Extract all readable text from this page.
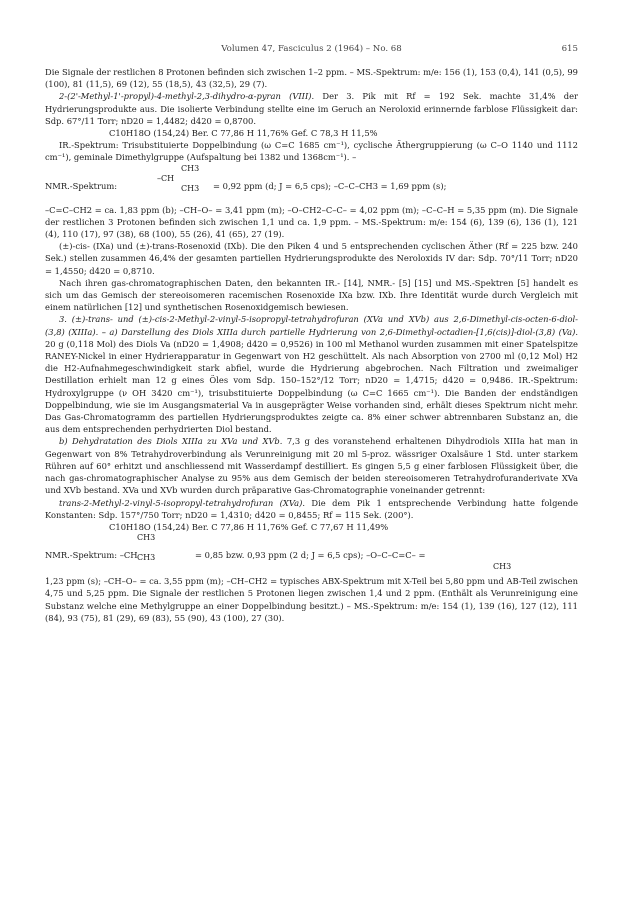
Volumen 47, Fasciculus 2 (1964) – No. 68	615

Die Signale der restlichen 8 Protonen befinden sich zwischen 1–2 ppm. – MS.-Spektrum: m/e: 156 (1), 153 (0,4), 141 (0,5), 99 (100), 81 (11,5), 69 (12), 55 (18,5), 43 (32,5), 29 (7).

2-(2'-Methyl-1'-propyl)-4-methyl-2,3-dihydro-α-pyran (VIII). Der 3. Pik mit Rf = 192 Sek. machte 31,4% der Hydrierungsprodukte aus. Die isolierte Verbindung stellte eine im Geruch an Neroloxid erinnernde farblose Flüssigkeit dar: Sdp. 67°/11 Torr; nD20 = 1,4482; d420 = 0,8700.

C10H18O (154,24) Ber. C 77,86 H 11,76% Gef. C 78,3 H 11,5%

IR.-Spektrum: Trisubstituierte Doppelbindung (ω C=C 1685 cm⁻¹), cyclische Äthergruppierung (ω C–O 1140 und 1112 cm⁻¹), geminale Dimethylgruppe (Aufspaltung bei 1382 und 1368cm⁻¹). –

NMR.-Spektrum:
CH3
–CH
CH3 = 0,92 ppm (d; J = 6,5 cps); –C–C–CH3 = 1,69 ppm (s);

–C=C–CH2 = ca. 1,83 ppm (b); –CH–O– = 3,41 ppm (m); –O–CH2–C–C– = 4,02 ppm (m); –C–C–H = 5,35 ppm (m). Die Signale der restlichen 3 Protonen befinden sich zwischen 1,1 und ca. 1,9 ppm. – MS.-Spektrum: m/e: 154 (6), 139 (6), 136 (1), 121 (4), 110 (17), 97 (38), 68 (100), 55 (26), 41 (65), 27 (19).

(±)-cis- (IXa) und (±)-trans-Rosenoxid (IXb). Die den Piken 4 und 5 entsprechenden cyclischen Äther (Rf = 225 bzw. 240 Sek.) stellen zusammen 46,4% der gesamten partiellen Hydrierungsprodukte des Neroloxids IV dar: Sdp. 70°/11 Torr; nD20 = 1,4550; d420 = 0,8710.

Nach ihren gas-chromatographischen Daten, den bekannten IR.- [14], NMR.- [5] [15] und MS.-Spektren [5] handelt es sich um das Gemisch der stereoisomeren racemischen Rosenoxide IXa bzw. IXb. Ihre Identität wurde durch Vergleich mit einem natürlichen [12] und synthetischen Rosenoxidgemisch bewiesen.

3. (±)-trans- und (±)-cis-2-Methyl-2-vinyl-5-isopropyl-tetrahydrofuran (XVa und XVb) aus 2,6-Dimethyl-cis-octen-6-diol-(3,8) (XIIIa). – a) Darstellung des Diols XIIIa durch partielle Hydrierung von 2,6-Dimethyl-octadien-[1,6(cis)]-diol-(3,8) (Va). 20 g (0,118 Mol) des Diols Va (nD20 = 1,4908; d420 = 0,9526) in 100 ml Methanol wurden zusammen mit einer Spatelspitze RANEY-Nickel in einer Hydrierapparatur in Gegenwart von H2 geschüttelt. Als nach Absorption von 2700 ml (0,12 Mol) H2 die H2-Aufnahmegeschwindigkeit stark abfiel, wurde die Hydrierung abgebrochen. Nach Filtration und zweimaliger Destillation erhielt man 12 g eines Öles vom Sdp. 150–152°/12 Torr; nD20 = 1,4715; d420 = 0,9486. IR.-Spektrum: Hydroxylgruppe (ν OH 3420 cm⁻¹), trisubstituierte Doppelbindung (ω C=C 1665 cm⁻¹). Die Banden der endständigen Doppelbindung, wie sie im Ausgangsmaterial Va in ausgeprägter Weise vorhanden sind, erhält dieses Spektrum nicht mehr. Das Gas-Chromatogramm des partiellen Hydrierungsproduktes zeigte ca. 8% einer schwer abtrennbaren Substanz an, die aus dem entsprechenden perhydrierten Diol bestand.

b) Dehydratation des Diols XIIIa zu XVa und XVb. 7,3 g des voranstehend erhaltenen Dihydrodiols XIIIa hat man in Gegenwart von 8% Tetrahydroverbindung als Verunreinigung mit 20 ml 5-proz. wässriger Oxalsäure 1 Std. unter starkem Rühren auf 60° erhitzt und anschliessend mit Wasserdampf destilliert. Es gingen 5,5 g einer farblosen Flüssigkeit über, die nach gas-chromatographischer Analyse zu 95% aus dem Gemisch der beiden stereoisomeren Tetrahydrofuranderivate XVa und XVb bestand. XVa und XVb wurden durch präparative Gas-Chromatographie voneinander getrennt:

trans-2-Methyl-2-vinyl-5-isopropyl-tetrahydrofuran (XVa). Die dem Pik 1 entsprechende Verbindung hatte folgende Konstanten: Sdp. 157°/750 Torr; nD20 = 1,4310; d420 = 0,8455; Rf = 115 Sek. (200°).

C10H18O (154,24) Ber. C 77,86 H 11,76% Gef. C 77,67 H 11,49%

NMR.-Spektrum: –CH
CH3
CH3	= 0,85 bzw. 0,93 ppm (2 d; J = 6,5 cps); –O–C–C=C– =
CH3

1,23 ppm (s); –CH–O– = ca. 3,55 ppm (m); –CH–CH2 = typisches ABX-Spektrum mit X-Teil bei 5,80 ppm und AB-Teil zwischen 4,75 und 5,25 ppm. Die Signale der restlichen 5 Protonen liegen zwischen 1,4 und 2 ppm. (Enthält als Verunreinigung eine Substanz welche eine Methylgruppe an einer Doppelbindung besitzt.) – MS.-Spektrum: m/e: 154 (1), 139 (16), 127 (12), 111 (84), 93 (75), 81 (29), 69 (83), 55 (90), 43 (100), 27 (30).
